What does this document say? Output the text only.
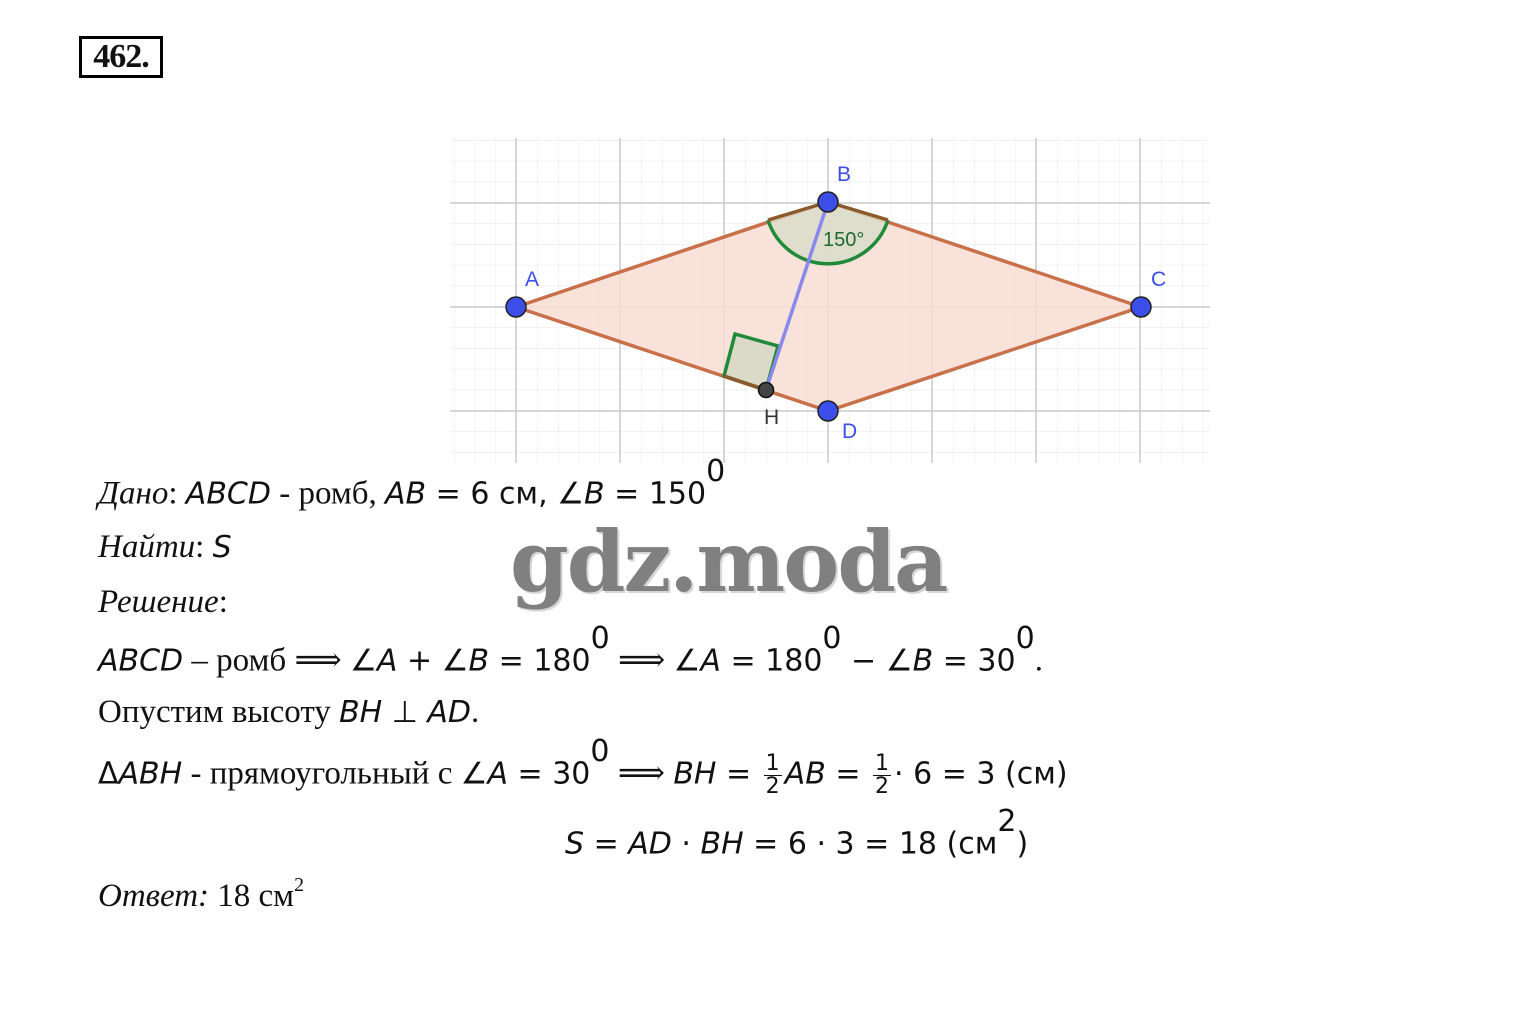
462.
150°
A
B
C
D
H
Дано: ABCD - ромб, AB = 6 см, ∠B = $150^0$
Найти: S
Решение:
ABCD – ромб ⟹ ∠A + ∠B = $180^0$ ⟹ ∠A = $180^0$ − ∠B = $30^0$.
Опустим высоту BH ⊥ AD.
ΔABH - прямоугольный с ∠A = $30^0$ ⟹ BH = $\frac{1}{2}$ AB = $\frac{1}{2} \cdot 6 = 3$ (см)
S = AD · BH = 6 · 3 = 18 $(см^2)$
Ответ: 18 $см^2$
gdz.moda
